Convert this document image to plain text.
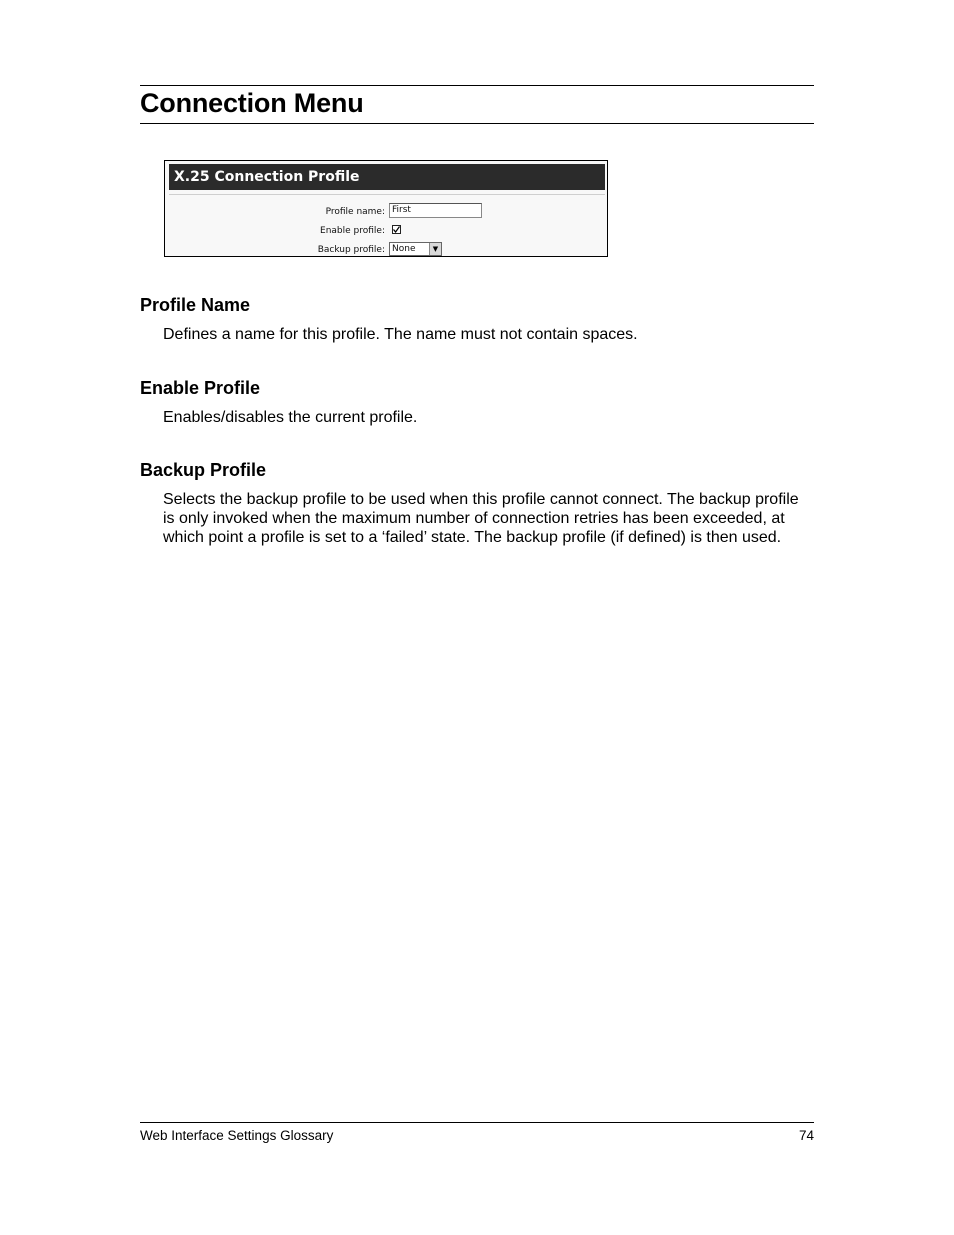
Connection Menu
X.25 Connection Profile
Profile name: First
Enable profile:
Backup profile: None	▼
Profile Name

Defines a name for this profile. The name must not contain spaces.

Enable Profile

Enables/disables the current profile.

Backup Profile

Selects the backup profile to be used when this profile cannot connect. The backup profile is only invoked when the maximum number of connection retries has been exceeded, at which point a profile is set to a ‘failed’ state. The backup profile (if defined) is then used.

Web Interface Settings Glossary	74
